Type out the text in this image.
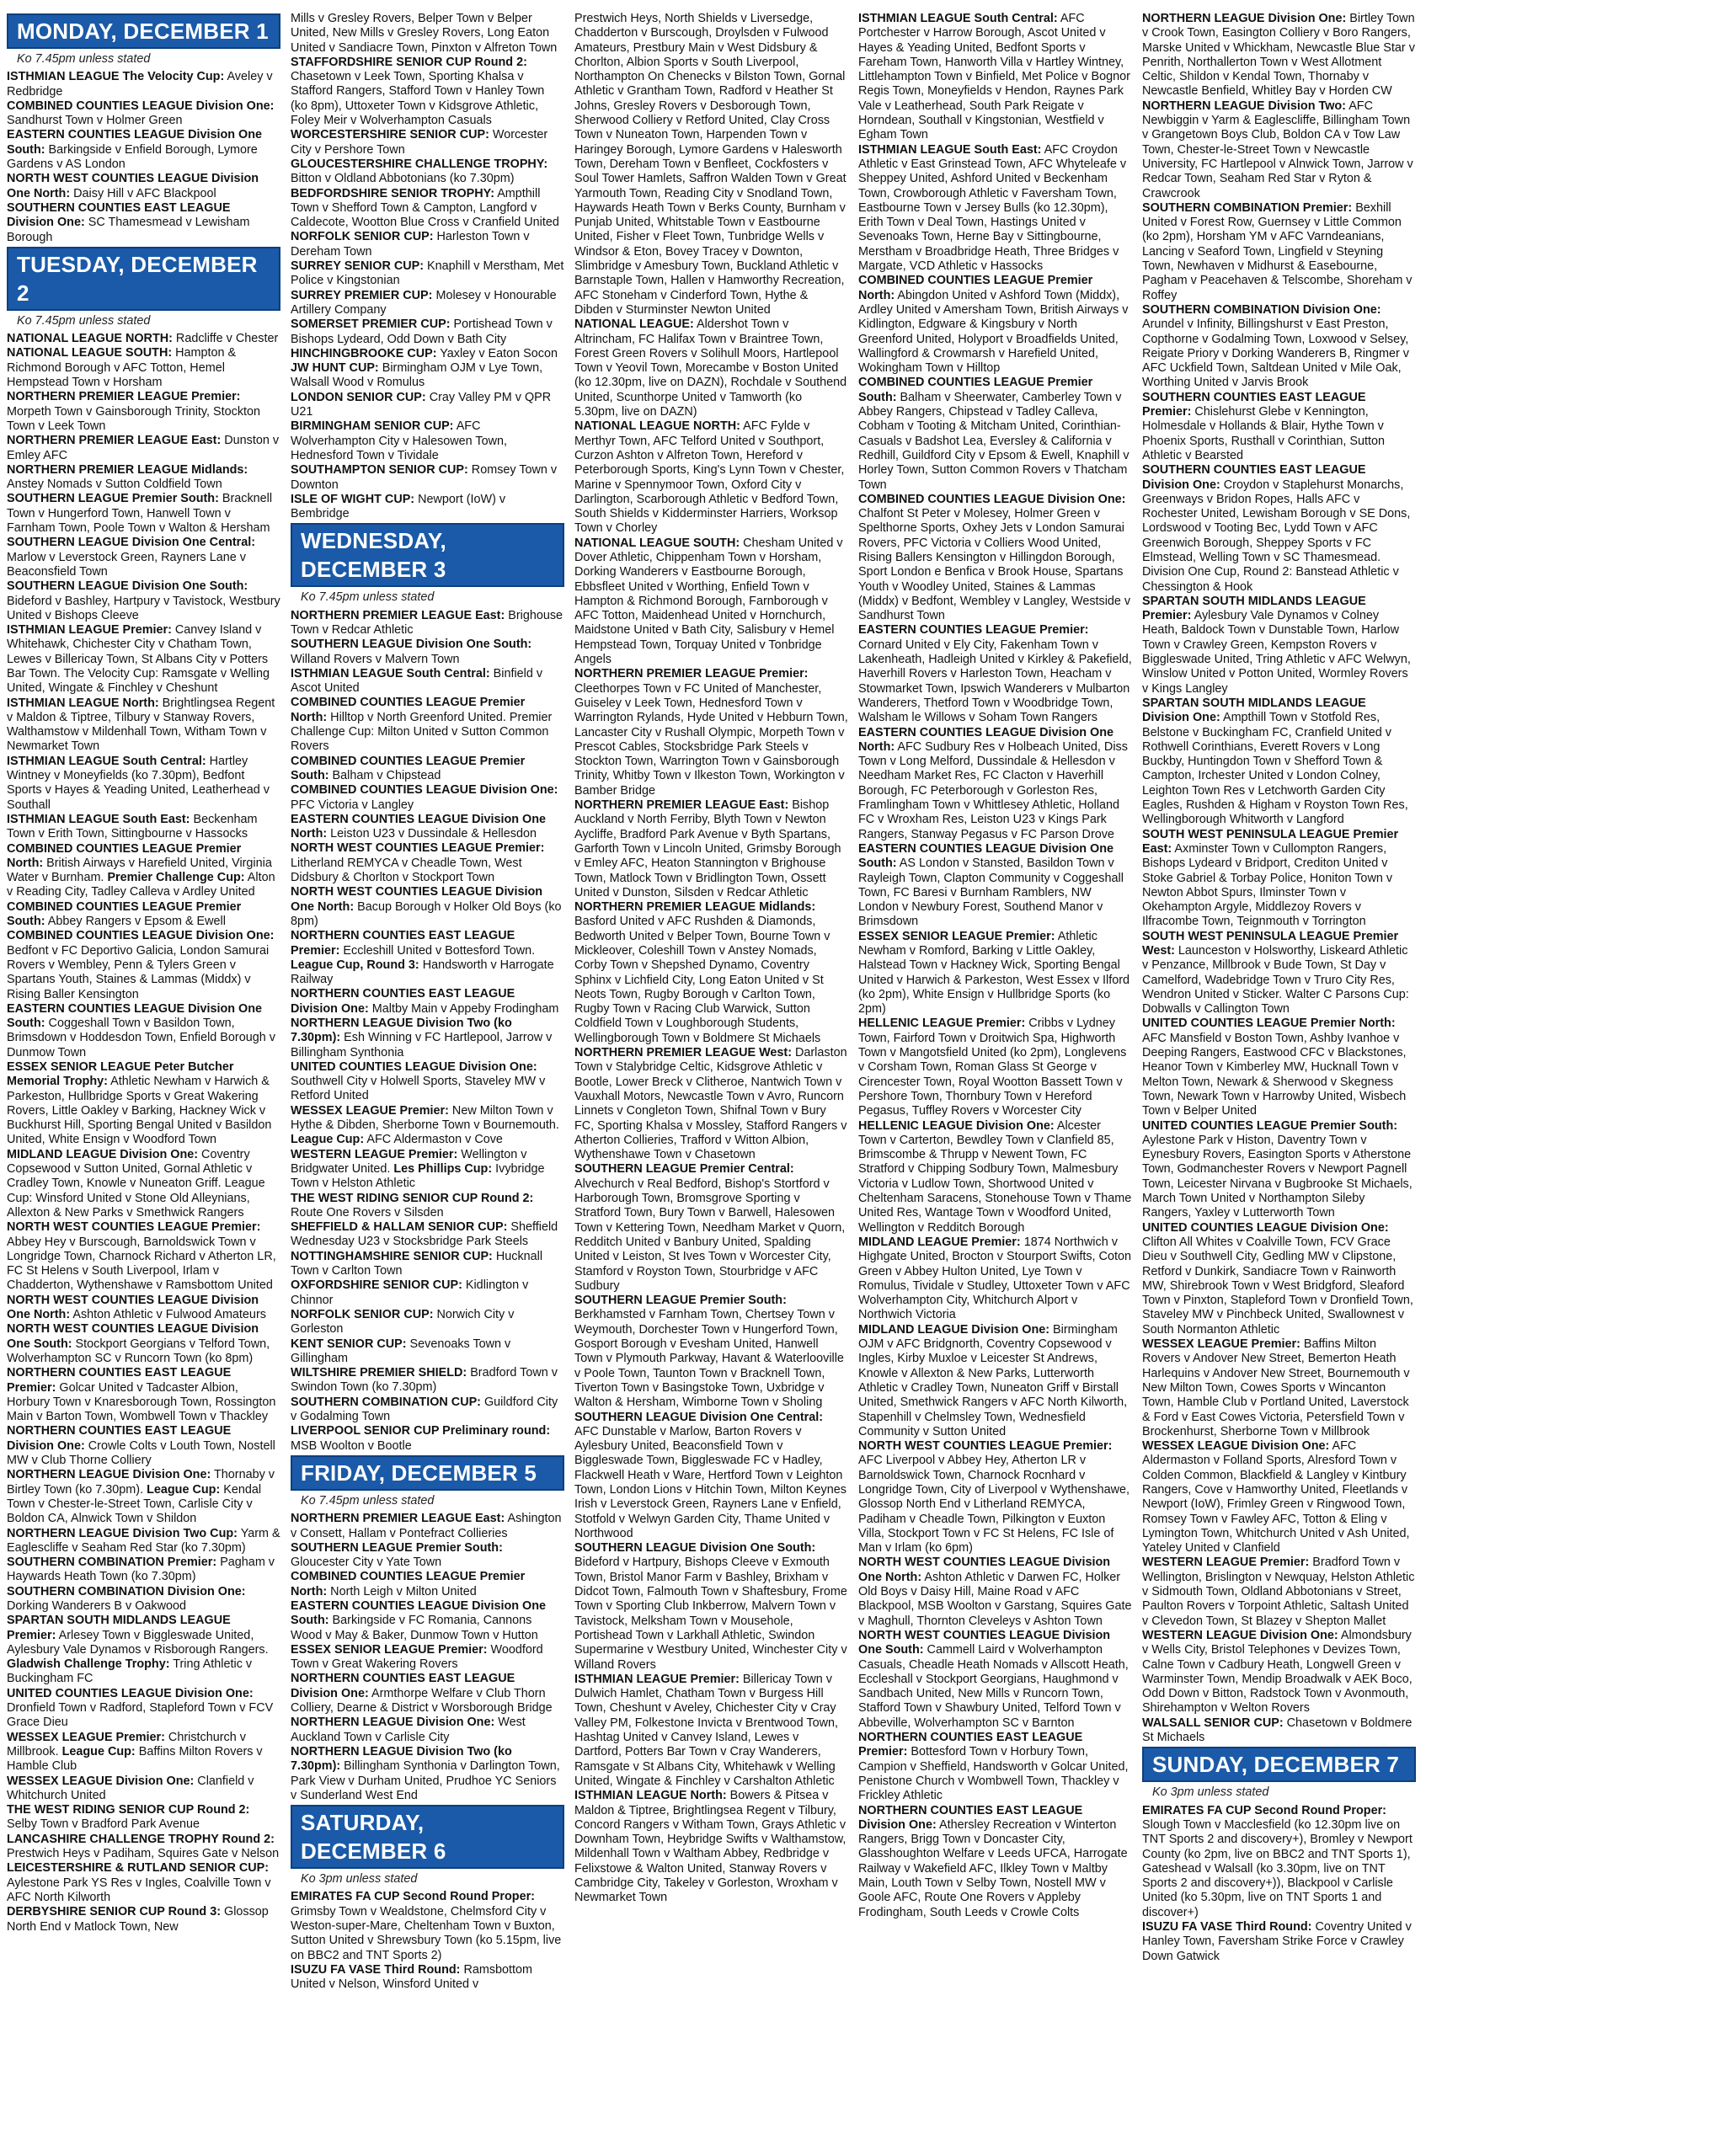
MONDAY, DECEMBER 1
Ko 7.45pm unless stated
ISTHMIAN LEAGUE The Velocity Cup: Aveley v Redbridge
COMBINED COUNTIES LEAGUE Division One: Sandhurst Town v Holmer Green
EASTERN COUNTIES LEAGUE Division One South: Barkingside v Enfield Borough, Lymore Gardens v AS London
NORTH WEST COUNTIES LEAGUE Division One North: Daisy Hill v AFC Blackpool
SOUTHERN COUNTIES EAST LEAGUE Division One: SC Thamesmead v Lewisham Borough
TUESDAY, DECEMBER 2
Ko 7.45pm unless stated
NATIONAL LEAGUE NORTH: Radcliffe v Chester
NATIONAL LEAGUE SOUTH: Hampton & Richmond Borough v AFC Totton, Hemel Hempstead Town v Horsham
NORTHERN PREMIER LEAGUE Premier: Morpeth Town v Gainsborough Trinity, Stockton Town v Leek Town
NORTHERN PREMIER LEAGUE East: Dunston v Emley AFC
NORTHERN PREMIER LEAGUE Midlands: Anstey Nomads v Sutton Coldfield Town
SOUTHERN LEAGUE Premier South: Bracknell Town v Hungerford Town, Hanwell Town v Farnham Town, Poole Town v Walton & Hersham
SOUTHERN LEAGUE Division One Central: Marlow v Leverstock Green, Rayners Lane v Beaconsfield Town
SOUTHERN LEAGUE Division One South: Bideford v Bashley, Hartpury v Tavistock, Westbury United v Bishops Cleeve
ISTHMIAN LEAGUE Premier: Canvey Island v Whitehawk, Chichester City v Chatham Town, Lewes v Billericay Town, St Albans City v Potters Bar Town. The Velocity Cup: Ramsgate v Welling United, Wingate & Finchley v Cheshunt
ISTHMIAN LEAGUE North: Brightlingsea Regent v Maldon & Tiptree, Tilbury v Stanway Rovers, Walthamstow v Mildenhall Town, Witham Town v Newmarket Town
ISTHMIAN LEAGUE South Central: Hartley Wintney v Moneyfields (ko 7.30pm), Bedfont Sports v Hayes & Yeading United, Leatherhead v Southall
ISTHMIAN LEAGUE South East: Beckenham Town v Erith Town, Sittingbourne v Hassocks
COMBINED COUNTIES LEAGUE Premier North: British Airways v Harefield United, Virginia Water v Burnham. Premier Challenge Cup: Alton v Reading City, Tadley Calleva v Ardley United
COMBINED COUNTIES LEAGUE Premier South: Abbey Rangers v Epsom & Ewell
COMBINED COUNTIES LEAGUE Division One: Bedfont v FC Deportivo Galicia, London Samurai Rovers v Wembley, Penn & Tylers Green v Spartans Youth, Staines & Lammas (Middx) v Rising Baller Kensington
EASTERN COUNTIES LEAGUE Division One South: Coggeshall Town v Basildon Town, Brimsdown v Hoddesdon Town, Enfield Borough v Dunmow Town
ESSEX SENIOR LEAGUE Peter Butcher Memorial Trophy: Athletic Newham v Harwich & Parkeston, Hullbridge Sports v Great Wakering Rovers, Little Oakley v Barking, Hackney Wick v Buckhurst Hill, Sporting Bengal United v Basildon United, White Ensign v Woodford Town
MIDLAND LEAGUE Division One: Coventry Copsewood v Sutton United, Gornal Athletic v Cradley Town, Knowle v Nuneaton Griff. League Cup: Winsford United v Stone Old Alleynians, Allexton & New Parks v Smethwick Rangers
NORTH WEST COUNTIES LEAGUE Premier: Abbey Hey v Burscough, Barnoldswick Town v Longridge Town, Charnock Richard v Atherton LR, FC St Helens v South Liverpool, Irlam v Chadderton, Wythenshawe v Ramsbottom United
NORTH WEST COUNTIES LEAGUE Division One North: Ashton Athletic v Fulwood Amateurs
NORTH WEST COUNTIES LEAGUE Division One South: Stockport Georgians v Telford Town, Wolverhampton SC v Runcorn Town (ko 8pm)
NORTHERN COUNTIES EAST LEAGUE Premier: Golcar United v Tadcaster Albion, Horbury Town v Knaresborough Town, Rossington Main v Barton Town, Wombwell Town v Thackley
NORTHERN COUNTIES EAST LEAGUE Division One: Crowle Colts v Louth Town, Nostell MW v Club Thorne Colliery
NORTHERN LEAGUE Division One: Thornaby v Birtley Town (ko 7.30pm). League Cup: Kendal Town v Chester-le-Street Town, Carlisle City v Boldon CA, Alnwick Town v Shildon
NORTHERN LEAGUE Division Two Cup: Yarm & Eaglescliffe v Seaham Red Star (ko 7.30pm)
SOUTHERN COMBINATION Premier: Pagham v Haywards Heath Town (ko 7.30pm)
SOUTHERN COMBINATION Division One: Dorking Wanderers B v Oakwood
SPARTAN SOUTH MIDLANDS LEAGUE Premier: Arlesey Town v Biggleswade United, Aylesbury Vale Dynamos v Risborough Rangers. Gladwish Challenge Trophy: Tring Athletic v Buckingham FC
UNITED COUNTIES LEAGUE Division One: Dronfield Town v Radford, Stapleford Town v FCV Grace Dieu
WESSEX LEAGUE Premier: Christchurch v Millbrook. League Cup: Baffins Milton Rovers v Hamble Club
WESSEX LEAGUE Division One: Clanfield v Whitchurch United
THE WEST RIDING SENIOR CUP Round 2: Selby Town v Bradford Park Avenue
LANCASHIRE CHALLENGE TROPHY Round 2: Prestwich Heys v Padiham, Squires Gate v Nelson
LEICESTERSHIRE & RUTLAND SENIOR CUP: Aylestone Park YS Res v Ingles, Coalville Town v AFC North Kilworth
DERBYSHIRE SENIOR CUP Round 3: Glossop North End v Matlock Town, New
Mills v Gresley Rovers, Belper Town v Belper United, New Mills v Gresley Rovers, Long Eaton United v Sandiacre Town, Pinxton v Alfreton Town
STAFFORDSHIRE SENIOR CUP Round 2: Chasetown v Leek Town, Sporting Khalsa v Stafford Rangers, Stafford Town v Hanley Town (ko 8pm), Uttoxeter Town v Kidsgrove Athletic, Foley Meir v Wolverhampton Casuals
WORCESTERSHIRE SENIOR CUP: Worcester City v Pershore Town
GLOUCESTERSHIRE CHALLENGE TROPHY: Bitton v Oldland Abbotonians (ko 7.30pm)
BEDFORDSHIRE SENIOR TROPHY: Ampthill Town v Shefford Town & Campton, Langford v Caldecote, Wootton Blue Cross v Cranfield United
NORFOLK SENIOR CUP: Harleston Town v Dereham Town
SURREY SENIOR CUP: Knaphill v Merstham, Met Police v Kingstonian
SURREY PREMIER CUP: Molesey v Honourable Artillery Company
SOMERSET PREMIER CUP: Portishead Town v Bishops Lydeard, Odd Down v Bath City
HINCHINGBROOKE CUP: Yaxley v Eaton Socon
JW HUNT CUP: Birmingham OJM v Lye Town, Walsall Wood v Romulus
LONDON SENIOR CUP: Cray Valley PM v QPR U21
BIRMINGHAM SENIOR CUP: AFC Wolverhampton City v Halesowen Town, Hednesford Town v Tividale
SOUTHAMPTON SENIOR CUP: Romsey Town v Downton
ISLE OF WIGHT CUP: Newport (IoW) v Bembridge
WEDNESDAY, DECEMBER 3
Ko 7.45pm unless stated
NORTHERN PREMIER LEAGUE East: Brighouse Town v Redcar Athletic
SOUTHERN LEAGUE Division One South: Willand Rovers v Malvern Town
ISTHMIAN LEAGUE South Central: Binfield v Ascot United
COMBINED COUNTIES LEAGUE Premier North: Hilltop v North Greenford United. Premier Challenge Cup: Milton United v Sutton Common Rovers
COMBINED COUNTIES LEAGUE Premier South: Balham v Chipstead
COMBINED COUNTIES LEAGUE Division One: PFC Victoria v Langley
EASTERN COUNTIES LEAGUE Division One North: Leiston U23 v Dussindale & Hellesdon
NORTH WEST COUNTIES LEAGUE Premier: Litherland REMYCA v Cheadle Town, West Didsbury & Chorlton v Stockport Town
NORTH WEST COUNTIES LEAGUE Division One North: Bacup Borough v Holker Old Boys (ko 8pm)
NORTHERN COUNTIES EAST LEAGUE Premier: Eccleshill United v Bottesford Town. League Cup, Round 3: Handsworth v Harrogate Railway
NORTHERN COUNTIES EAST LEAGUE Division One: Maltby Main v Appeby Frodingham
NORTHERN LEAGUE Division Two (ko 7.30pm): Esh Winning v FC Hartlepool, Jarrow v Billingham Synthonia
UNITED COUNTIES LEAGUE Division One: Southwell City v Holwell Sports, Staveley MW v Retford United
WESSEX LEAGUE Premier: New Milton Town v Hythe & Dibden, Sherborne Town v Bournemouth. League Cup: AFC Aldermaston v Cove
WESTERN LEAGUE Premier: Wellington v Bridgwater United. Les Phillips Cup: Ivybridge Town v Helston Athletic
THE WEST RIDING SENIOR CUP Round 2: Route One Rovers v Silsden
SHEFFIELD & HALLAM SENIOR CUP: Sheffield Wednesday U23 v Stocksbridge Park Steels
NOTTINGHAMSHIRE SENIOR CUP: Hucknall Town v Carlton Town
OXFORDSHIRE SENIOR CUP: Kidlington v Chinnor
NORFOLK SENIOR CUP: Norwich City v Gorleston
KENT SENIOR CUP: Sevenoaks Town v Gillingham
WILTSHIRE PREMIER SHIELD: Bradford Town v Swindon Town (ko 7.30pm)
SOUTHERN COMBINATION CUP: Guildford City v Godalming Town
LIVERPOOL SENIOR CUP Preliminary round: MSB Woolton v Bootle
FRIDAY, DECEMBER 5
Ko 7.45pm unless stated
NORTHERN PREMIER LEAGUE East: Ashington v Consett, Hallam v Pontefract Collieries
SOUTHERN LEAGUE Premier South: Gloucester City v Yate Town
COMBINED COUNTIES LEAGUE Premier North: North Leigh v Milton United
EASTERN COUNTIES LEAGUE Division One South: Barkingside v FC Romania, Cannons Wood v May & Baker, Dunmow Town v Hutton
ESSEX SENIOR LEAGUE Premier: Woodford Town v Great Wakering Rovers
NORTHERN COUNTIES EAST LEAGUE Division One: Armthorpe Welfare v Club Thorn Colliery, Dearne & District v Worsborough Bridge
NORTHERN LEAGUE Division One: West Auckland Town v Carlisle City
NORTHERN LEAGUE Division Two (ko 7.30pm): Billingham Synthonia v Darlington Town, Park View v Durham United, Prudhoe YC Seniors v Sunderland West End
SATURDAY, DECEMBER 6
Ko 3pm unless stated
EMIRATES FA CUP Second Round Proper: Grimsby Town v Wealdstone, Chelmsford City v Weston-super-Mare, Cheltenham Town v Buxton, Sutton United v Shrewsbury Town (ko 5.15pm, live on BBC2 and TNT Sports 2)
ISUZU FA VASE Third Round: Ramsbottom United v Nelson, Winsford United v
Prestwich Heys, North Shields v Liversedge, Chadderton v Burscough, Droylsden v Fulwood Amateurs, Prestbury Main v West Didsbury & Chorlton, Albion Sports v South Liverpool, Northampton On Chenecks v Bilston Town, Gornal Athletic v Grantham Town, Radford v Heather St Johns, Gresley Rovers v Desborough Town, Sherwood Colliery v Retford United, Clay Cross Town v Nuneaton Town, Harpenden Town v Haringey Borough, Lymore Gardens v Halesworth Town, Dereham Town v Benfleet, Cockfosters v Soul Tower Hamlets, Saffron Walden Town v Great Yarmouth Town, Reading City v Snodland Town, Haywards Heath Town v Berks County, Burnham v Punjab United, Whitstable Town v Eastbourne United, Fisher v Fleet Town, Tunbridge Wells v Windsor & Eton, Bovey Tracey v Downton, Slimbridge v Amesbury Town, Buckland Athletic v Barnstaple Town, Hallen v Hamworthy Recreation, AFC Stoneham v Cinderford Town, Hythe & Dibden v Sturminster Newton United
NATIONAL LEAGUE: Aldershot Town v Altrincham, FC Halifax Town v Braintree Town, Forest Green Rovers v Solihull Moors, Hartlepool Town v Yeovil Town, Morecambe v Boston United (ko 12.30pm, live on DAZN), Rochdale v Southend United, Scunthorpe United v Tamworth (ko 5.30pm, live on DAZN)
NATIONAL LEAGUE NORTH: AFC Fylde v Merthyr Town, AFC Telford United v Southport, Curzon Ashton v Alfreton Town, Hereford v Peterborough Sports, King's Lynn Town v Chester, Marine v Spennymoor Town, Oxford City v Darlington, Scarborough Athletic v Bedford Town, South Shields v Kidderminster Harriers, Worksop Town v Chorley
NATIONAL LEAGUE SOUTH: Chesham United v Dover Athletic, Chippenham Town v Horsham, Dorking Wanderers v Eastbourne Borough, Ebbsfleet United v Worthing, Enfield Town v Hampton & Richmond Borough, Farnborough v AFC Totton, Maidenhead United v Hornchurch, Maidstone United v Bath City, Salisbury v Hemel Hempstead Town, Torquay United v Tonbridge Angels
NORTHERN PREMIER LEAGUE Premier: Cleethorpes Town v FC United of Manchester, Guiseley v Leek Town, Hednesford Town v Warrington Rylands, Hyde United v Hebburn Town, Lancaster City v Rushall Olympic, Morpeth Town v Prescot Cables, Stocksbridge Park Steels v Stockton Town, Warrington Town v Gainsborough Trinity, Whitby Town v Ilkeston Town, Workington v Bamber Bridge
NORTHERN PREMIER LEAGUE East: Bishop Auckland v North Ferriby, Blyth Town v Newton Aycliffe, Bradford Park Avenue v Byth Spartans, Garforth Town v Lincoln United, Grimsby Borough v Emley AFC, Heaton Stannington v Brighouse Town, Matlock Town v Bridlington Town, Ossett United v Dunston, Silsden v Redcar Athletic
NORTHERN PREMIER LEAGUE Midlands: Basford United v AFC Rushden & Diamonds, Bedworth United v Belper Town, Bourne Town v Mickleover, Coleshill Town v Anstey Nomads, Corby Town v Shepshed Dynamo, Coventry Sphinx v Lichfield City, Long Eaton United v St Neots Town, Rugby Borough v Carlton Town, Rugby Town v Racing Club Warwick, Sutton Coldfield Town v Loughborough Students, Wellingborough Town v Boldmere St Michaels
NORTHERN PREMIER LEAGUE West: Darlaston Town v Stalybridge Celtic, Kidsgrove Athletic v Bootle, Lower Breck v Clitheroe, Nantwich Town v Vauxhall Motors, Newcastle Town v Avro, Runcorn Linnets v Congleton Town, Shifnal Town v Bury FC, Sporting Khalsa v Mossley, Stafford Rangers v Atherton Collieries, Trafford v Witton Albion, Wythenshawe Town v Chasetown
SOUTHERN LEAGUE Premier Central: Alvechurch v Real Bedford, Bishop's Stortford v Harborough Town, Bromsgrove Sporting v Stratford Town, Bury Town v Barwell, Halesowen Town v Kettering Town, Needham Market v Quorn, Redditch United v Banbury United, Spalding United v Leiston, St Ives Town v Worcester City, Stamford v Royston Town, Stourbridge v AFC Sudbury
SOUTHERN LEAGUE Premier South: Berkhamsted v Farnham Town, Chertsey Town v Weymouth, Dorchester Town v Hungerford Town, Gosport Borough v Evesham United, Hanwell Town v Plymouth Parkway, Havant & Waterlooville v Poole Town, Taunton Town v Bracknell Town, Tiverton Town v Basingstoke Town, Uxbridge v Walton & Hersham, Wimborne Town v Sholing
SOUTHERN LEAGUE Division One Central: AFC Dunstable v Marlow, Barton Rovers v Aylesbury United, Beaconsfield Town v Biggleswade Town, Biggleswade FC v Hadley, Flackwell Heath v Ware, Hertford Town v Leighton Town, London Lions v Hitchin Town, Milton Keynes Irish v Leverstock Green, Rayners Lane v Enfield, Stotfold v Welwyn Garden City, Thame United v Northwood
SOUTHERN LEAGUE Division One South: Bideford v Hartpury, Bishops Cleeve v Exmouth Town, Bristol Manor Farm v Bashley, Brixham v Didcot Town, Falmouth Town v Shaftesbury, Frome Town v Sporting Club Inkberrow, Malvern Town v Tavistock, Melksham Town v Mousehole, Portishead Town v Larkhall Athletic, Swindon Supermarine v Westbury United, Winchester City v Willand Rovers
ISTHMIAN LEAGUE Premier: Billericay Town v Dulwich Hamlet, Chatham Town v Burgess Hill Town, Cheshunt v Aveley, Chichester City v Cray Valley PM, Folkestone Invicta v Brentwood Town, Hashtag United v Canvey Island, Lewes v Dartford, Potters Bar Town v Cray Wanderers, Ramsgate v St Albans City, Whitehawk v Welling United, Wingate & Finchley v Carshalton Athletic
ISTHMIAN LEAGUE North: Bowers & Pitsea v Maldon & Tiptree, Brightlingsea Regent v Tilbury, Concord Rangers v Witham Town, Grays Athletic v Downham Town, Heybridge Swifts v Walthamstow, Mildenhall Town v Waltham Abbey, Redbridge v Felixstowe & Walton United, Stanway Rovers v Cambridge City, Takeley v Gorleston, Wroxham v Newmarket Town
ISTHMIAN LEAGUE South Central: AFC Portchester v Harrow Borough, Ascot United v Hayes & Yeading United, Bedfont Sports v Fareham Town, Hanworth Villa v Hartley Wintney, Littlehampton Town v Binfield, Met Police v Bognor Regis Town, Moneyfields v Hendon, Raynes Park Vale v Leatherhead, South Park Reigate v Horndean, Southall v Kingstonian, Westfield v Egham Town
ISTHMIAN LEAGUE South East: AFC Croydon Athletic v East Grinstead Town, AFC Whyteleafe v Sheppey United, Ashford United v Beckenham Town, Crowborough Athletic v Faversham Town, Eastbourne Town v Jersey Bulls (ko 12.30pm), Erith Town v Deal Town, Hastings United v Sevenoaks Town, Herne Bay v Sittingbourne, Merstham v Broadbridge Heath, Three Bridges v Margate, VCD Athletic v Hassocks
COMBINED COUNTIES LEAGUE Premier North: Abingdon United v Ashford Town (Middx), Ardley United v Amersham Town, British Airways v Kidlington, Edgware & Kingsbury v North Greenford United, Holyport v Broadfields United, Wallingford & Crowmarsh v Harefield United, Wokingham Town v Hilltop
COMBINED COUNTIES LEAGUE Premier South: Balham v Sheerwater, Camberley Town v Abbey Rangers, Chipstead v Tadley Calleva, Cobham v Tooting & Mitcham United, Corinthian-Casuals v Badshot Lea, Eversley & California v Redhill, Guildford City v Epsom & Ewell, Knaphill v Horley Town, Sutton Common Rovers v Thatcham Town
COMBINED COUNTIES LEAGUE Division One: Chalfont St Peter v Molesey, Holmer Green v Spelthorne Sports, Oxhey Jets v London Samurai Rovers, PFC Victoria v Colliers Wood United, Rising Ballers Kensington v Hillingdon Borough, Sport London e Benfica v Brook House, Spartans Youth v Woodley United, Staines & Lammas (Middx) v Bedfont, Wembley v Langley, Westside v Sandhurst Town
EASTERN COUNTIES LEAGUE Premier: Cornard United v Ely City, Fakenham Town v Lakenheath, Hadleigh United v Kirkley & Pakefield, Haverhill Rovers v Harleston Town, Heacham v Stowmarket Town, Ipswich Wanderers v Mulbarton Wanderers, Thetford Town v Woodbridge Town, Walsham le Willows v Soham Town Rangers
EASTERN COUNTIES LEAGUE Division One North: AFC Sudbury Res v Holbeach United, Diss Town v Long Melford, Dussindale & Hellesdon v Needham Market Res, FC Clacton v Haverhill Borough, FC Peterborough v Gorleston Res, Framlingham Town v Whittlesey Athletic, Holland FC v Wroxham Res, Leiston U23 v Kings Park Rangers, Stanway Pegasus v FC Parson Drove
EASTERN COUNTIES LEAGUE Division One South: AS London v Stansted, Basildon Town v Rayleigh Town, Clapton Community v Coggeshall Town, FC Baresi v Burnham Ramblers, NW London v Newbury Forest, Southend Manor v Brimsdown
ESSEX SENIOR LEAGUE Premier: Athletic Newham v Romford, Barking v Little Oakley, Halstead Town v Hackney Wick, Sporting Bengal United v Harwich & Parkeston, West Essex v Ilford (ko 2pm), White Ensign v Hullbridge Sports (ko 2pm)
HELLENIC LEAGUE Premier: Cribbs v Lydney Town, Fairford Town v Droitwich Spa, Highworth Town v Mangotsfield United (ko 2pm), Longlevens v Corsham Town, Roman Glass St George v Cirencester Town, Royal Wootton Bassett Town v Pershore Town, Thornbury Town v Hereford Pegasus, Tuffley Rovers v Worcester City
HELLENIC LEAGUE Division One: Alcester Town v Carterton, Bewdley Town v Clanfield 85, Brimscombe & Thrupp v Newent Town, FC Stratford v Chipping Sodbury Town, Malmesbury Victoria v Ludlow Town, Shortwood United v Cheltenham Saracens, Stonehouse Town v Thame United Res, Wantage Town v Woodford United, Wellington v Redditch Borough
MIDLAND LEAGUE Premier: 1874 Northwich v Highgate United, Brocton v Stourport Swifts, Coton Green v Abbey Hulton United, Lye Town v Romulus, Tividale v Studley, Uttoxeter Town v AFC Wolverhampton City, Whitchurch Alport v Northwich Victoria
MIDLAND LEAGUE Division One: Birmingham OJM v AFC Bridgnorth, Coventry Copsewood v Ingles, Kirby Muxloe v Leicester St Andrews, Knowle v Allexton & New Parks, Lutterworth Athletic v Cradley Town, Nuneaton Griff v Birstall United, Smethwick Rangers v AFC North Kilworth, Stapenhill v Chelmsley Town, Wednesfield Community v Sutton United
NORTH WEST COUNTIES LEAGUE Premier: AFC Liverpool v Abbey Hey, Atherton LR v Barnoldswick Town, Charnock Rocnhard v Longridge Town, City of Liverpool v Wythenshawe, Glossop North End v Litherland REMYCA, Padiham v Cheadle Town, Pilkington v Euxton Villa, Stockport Town v FC St Helens, FC Isle of Man v Irlam (ko 6pm)
NORTH WEST COUNTIES LEAGUE Division One North: Ashton Athletic v Darwen FC, Holker Old Boys v Daisy Hill, Maine Road v AFC Blackpool, MSB Woolton v Garstang, Squires Gate v Maghull, Thornton Cleveleys v Ashton Town
NORTH WEST COUNTIES LEAGUE Division One South: Cammell Laird v Wolverhampton Casuals, Cheadle Heath Nomads v Allscott Heath, Eccleshall v Stockport Georgians, Haughmond v Sandbach United, New Mills v Runcorn Town, Stafford Town v Shawbury United, Telford Town v Abbeville, Wolverhampton SC v Barnton
NORTHERN COUNTIES EAST LEAGUE Premier: Bottesford Town v Horbury Town, Campion v Sheffield, Handsworth v Golcar United, Penistone Church v Wombwell Town, Thackley v Frickley Athletic
NORTHERN COUNTIES EAST LEAGUE Division One: Athersley Recreation v Winterton Rangers, Brigg Town v Doncaster City, Glasshoughton Welfare v Leeds UFCA, Harrogate Railway v Wakefield AFC, Ilkley Town v Maltby Main, Louth Town v Selby Town, Nostell MW v Goole AFC, Route One Rovers v Appleby Frodingham, South Leeds v Crowle Colts
NORTHERN LEAGUE Division One: Birtley Town v Crook Town, Easington Colliery v Boro Rangers, Marske United v Whickham, Newcastle Blue Star v Penrith, Northallerton Town v West Allotment Celtic, Shildon v Kendal Town, Thornaby v Newcastle Benfield, Whitley Bay v Horden CW
NORTHERN LEAGUE Division Two: AFC Newbiggin v Yarm & Eaglescliffe, Billingham Town v Grangetown Boys Club, Boldon CA v Tow Law Town, Chester-le-Street Town v Newcastle University, FC Hartlepool v Alnwick Town, Jarrow v Redcar Town, Seaham Red Star v Ryton & Crawcrook
SOUTHERN COMBINATION Premier: Bexhill United v Forest Row, Guernsey v Little Common (ko 2pm), Horsham YM v AFC Varndeanians, Lancing v Seaford Town, Lingfield v Steyning Town, Newhaven v Midhurst & Easebourne, Pagham v Peacehaven & Telscombe, Shoreham v Roffey
SOUTHERN COMBINATION Division One: Arundel v Infinity, Billingshurst v East Preston, Copthorne v Godalming Town, Loxwood v Selsey, Reigate Priory v Dorking Wanderers B, Ringmer v AFC Uckfield Town, Saltdean United v Mile Oak, Worthing United v Jarvis Brook
SOUTHERN COUNTIES EAST LEAGUE Premier: Chislehurst Glebe v Kennington, Holmesdale v Hollands & Blair, Hythe Town v Phoenix Sports, Rusthall v Corinthian, Sutton Athletic v Bearsted
SOUTHERN COUNTIES EAST LEAGUE Division One: Croydon v Staplehurst Monarchs, Greenways v Bridon Ropes, Halls AFC v Rochester United, Lewisham Borough v SE Dons, Lordswood v Tooting Bec, Lydd Town v AFC Greenwich Borough, Sheppey Sports v FC Elmstead, Welling Town v SC Thamesmead. Division One Cup, Round 2: Banstead Athletic v Chessington & Hook
SPARTAN SOUTH MIDLANDS LEAGUE Premier: Aylesbury Vale Dynamos v Colney Heath, Baldock Town v Dunstable Town, Harlow Town v Crawley Green, Kempston Rovers v Biggleswade United, Tring Athletic v AFC Welwyn, Winslow United v Potton United, Wormley Rovers v Kings Langley
SPARTAN SOUTH MIDLANDS LEAGUE Division One: Ampthill Town v Stotfold Res, Belstone v Buckingham FC, Cranfield United v Rothwell Corinthians, Everett Rovers v Long Buckby, Huntingdon Town v Shefford Town & Campton, Irchester United v London Colney, Leighton Town Res v Letchworth Garden City Eagles, Rushden & Higham v Royston Town Res, Wellingborough Whitworth v Langford
SOUTH WEST PENINSULA LEAGUE Premier East: Axminster Town v Cullompton Rangers, Bishops Lydeard v Bridport, Crediton United v Stoke Gabriel & Torbay Police, Honiton Town v Newton Abbot Spurs, Ilminster Town v Okehampton Argyle, Middlezoy Rovers v Ilfracombe Town, Teignmouth v Torrington
SOUTH WEST PENINSULA LEAGUE Premier West: Launceston v Holsworthy, Liskeard Athletic v Penzance, Millbrook v Bude Town, St Day v Camelford, Wadebridge Town v Truro City Res, Wendron United v Sticker. Walter C Parsons Cup: Dobwalls v Callington Town
UNITED COUNTIES LEAGUE Premier North: AFC Mansfield v Boston Town, Ashby Ivanhoe v Deeping Rangers, Eastwood CFC v Blackstones, Heanor Town v Kimberley MW, Hucknall Town v Melton Town, Newark & Sherwood v Skegness Town, Newark Town v Harrowby United, Wisbech Town v Belper United
UNITED COUNTIES LEAGUE Premier South: Aylestone Park v Histon, Daventry Town v Eynesbury Rovers, Easington Sports v Atherstone Town, Godmanchester Rovers v Newport Pagnell Town, Leicester Nirvana v Bugbrooke St Michaels, March Town United v Northampton Sileby Rangers, Yaxley v Lutterworth Town
UNITED COUNTIES LEAGUE Division One: Clifton All Whites v Coalville Town, FCV Grace Dieu v Southwell City, Gedling MW v Clipstone, Retford v Dunkirk, Sandiacre Town v Rainworth MW, Shirebrook Town v West Bridgford, Sleaford Town v Pinxton, Stapleford Town v Dronfield Town, Staveley MW v Pinchbeck United, Swallownest v South Normanton Athletic
WESSEX LEAGUE Premier: Baffins Milton Rovers v Andover New Street, Bemerton Heath Harlequins v Andover New Street, Bournemouth v New Milton Town, Cowes Sports v Wincanton Town, Hamble Club v Portland United, Laverstock & Ford v East Cowes Victoria, Petersfield Town v Brockenhurst, Sherborne Town v Millbrook
WESSEX LEAGUE Division One: AFC Aldermaston v Folland Sports, Alresford Town v Colden Common, Blackfield & Langley v Kintbury Rangers, Cove v Hamworthy United, Fleetlands v Newport (IoW), Frimley Green v Ringwood Town, Romsey Town v Fawley AFC, Totton & Eling v Lymington Town, Whitchurch United v Ash United, Yateley United v Clanfield
WESTERN LEAGUE Premier: Bradford Town v Wellington, Brislington v Newquay, Helston Athletic v Sidmouth Town, Oldland Abbotonians v Street, Paulton Rovers v Torpoint Athletic, Saltash United v Clevedon Town, St Blazey v Shepton Mallet
WESTERN LEAGUE Division One: Almondsbury v Wells City, Bristol Telephones v Devizes Town, Calne Town v Cadbury Heath, Longwell Green v Warminster Town, Mendip Broadwalk v AEK Boco, Odd Down v Bitton, Radstock Town v Avonmouth, Shirehampton v Welton Rovers
WALSALL SENIOR CUP: Chasetown v Boldmere St Michaels
SUNDAY, DECEMBER 7
Ko 3pm unless stated
EMIRATES FA CUP Second Round Proper: Slough Town v Macclesfield (ko 12.30pm live on TNT Sports 2 and discovery+), Bromley v Newport County (ko 2pm, live on BBC2 and TNT Sports 1), Gateshead v Walsall (ko 3.30pm, live on TNT Sports 2 and discovery+)), Blackpool v Carlisle United (ko 5.30pm, live on TNT Sports 1 and discover+)
ISUZU FA VASE Third Round: Coventry United v Hanley Town, Faversham Strike Force v Crawley Down Gatwick
